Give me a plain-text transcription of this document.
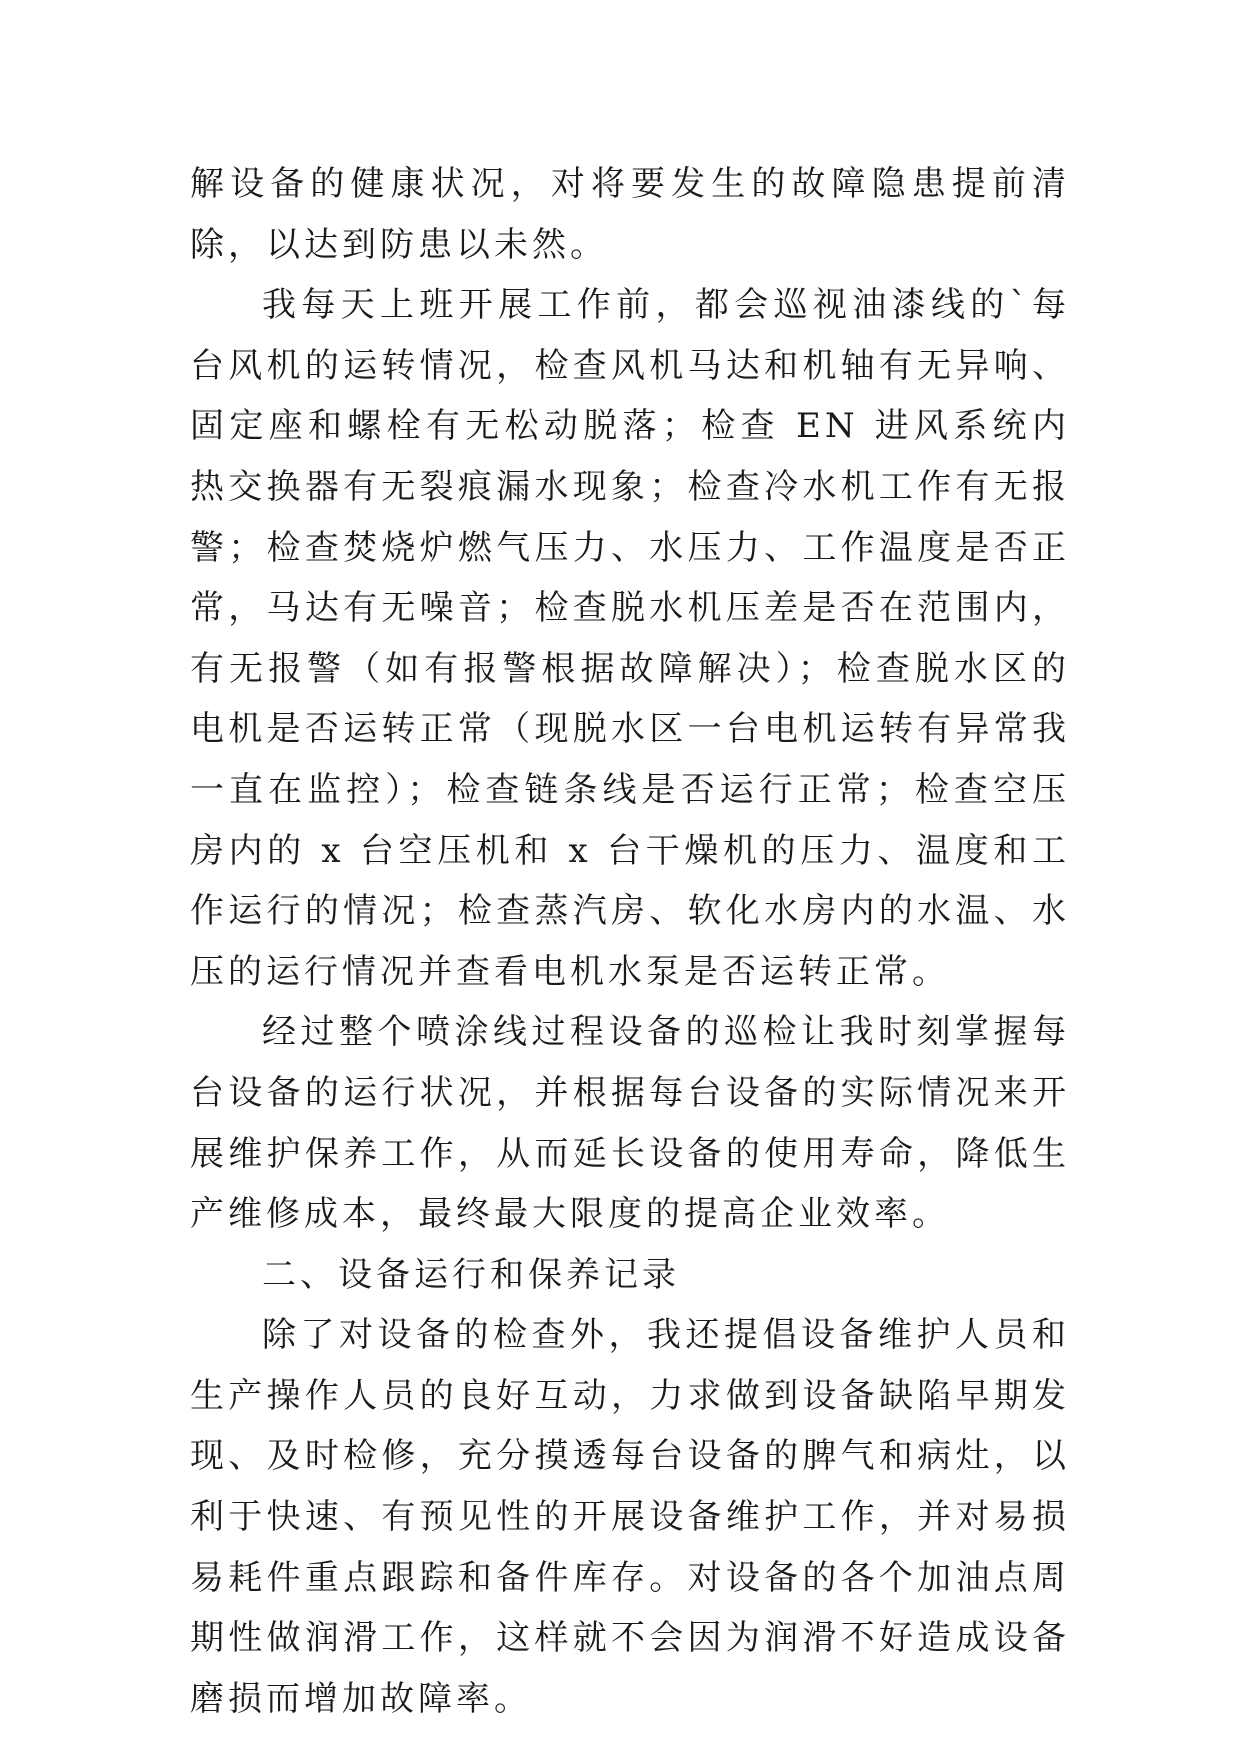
解设备的健康状况，对将要发生的故障隐患提前清除，以达到防患以未然。

我每天上班开展工作前，都会巡视油漆线的`每台风机的运转情况，检查风机马达和机轴有无异响、固定座和螺栓有无松动脱落；检查 EN 进风系统内热交换器有无裂痕漏水现象；检查冷水机工作有无报警；检查焚烧炉燃气压力、水压力、工作温度是否正常，马达有无噪音；检查脱水机压差是否在范围内，有无报警（如有报警根据故障解决）；检查脱水区的电机是否运转正常（现脱水区一台电机运转有异常我一直在监控）；检查链条线是否运行正常；检查空压房内的 x 台空压机和 x 台干燥机的压力、温度和工作运行的情况；检查蒸汽房、软化水房内的水温、水压的运行情况并查看电机水泵是否运转正常。

经过整个喷涂线过程设备的巡检让我时刻掌握每台设备的运行状况，并根据每台设备的实际情况来开展维护保养工作，从而延长设备的使用寿命，降低生产维修成本，最终最大限度的提高企业效率。

二、设备运行和保养记录

除了对设备的检查外，我还提倡设备维护人员和生产操作人员的良好互动，力求做到设备缺陷早期发现、及时检修，充分摸透每台设备的脾气和病灶，以利于快速、有预见性的开展设备维护工作，并对易损易耗件重点跟踪和备件库存。对设备的各个加油点周期性做润滑工作，这样就不会因为润滑不好造成设备磨损而增加故障率。
